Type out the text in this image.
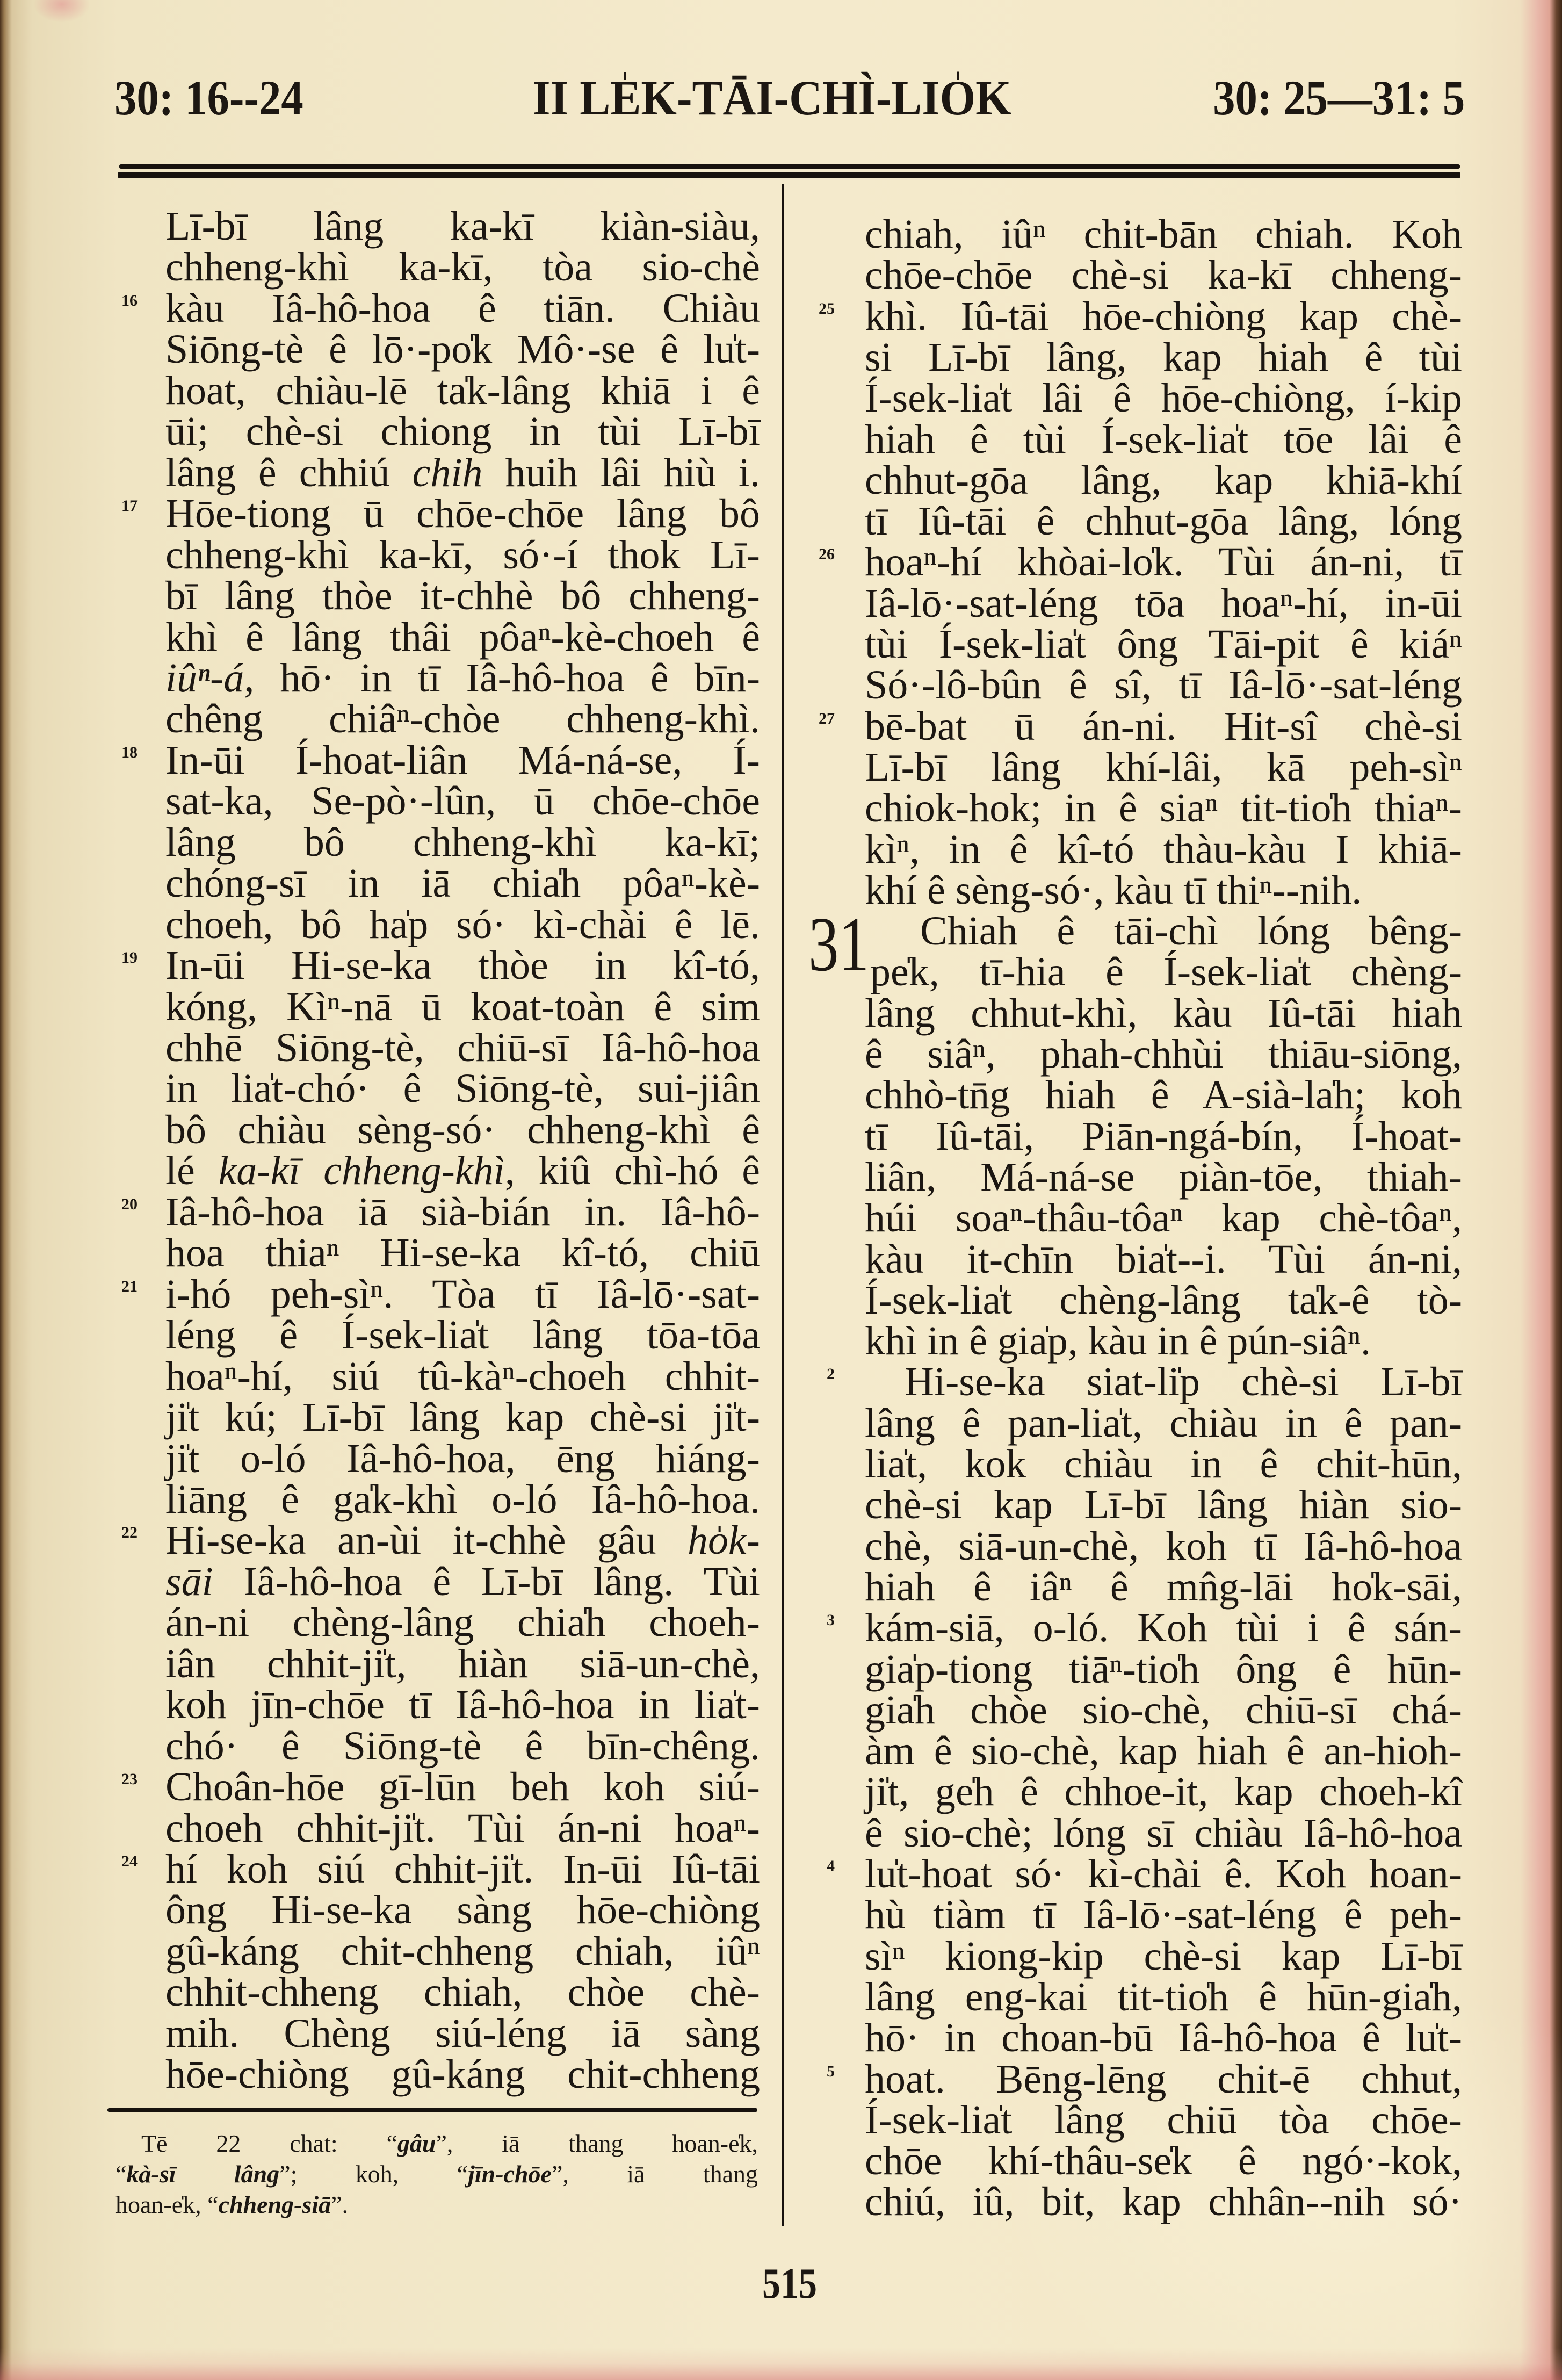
30: 16--24	II LE̍K-TĀI-CHÌ-LIO̍K	30: 25—31: 5
Lī-bī lâng ka-kī kiàn-siàu,
chheng-khì ka-kī, tòa sio-chè
16 kàu Iâ-hô-hoa ê tiān. Chiàu
Siōng-tè ê lō·-po̍k Mô·-se ê lu̍t-
hoat, chiàu-lē ta̍k-lâng khiā i ê
ūi; chè-si chiong in tùi Lī-bī
lâng ê chhiú chih huih lâi hiù i.
17 Hōe-tiong ū chōe-chōe lâng bô
chheng-khì ka-kī, só·-í thok Lī-
bī lâng thòe it-chhè bô chheng-
khì ê lâng thâi pôaⁿ-kè-choeh ê
iûⁿ-á, hō· in tī Iâ-hô-hoa ê bīn-
chêng chiâⁿ-chòe chheng-khì.
18 In-ūi Í-hoat-liân Má-ná-se, Í-
sat-ka, Se-pò·-lûn, ū chōe-chōe
lâng bô chheng-khì ka-kī;
chóng-sī in iā chia̍h pôaⁿ-kè-
choeh, bô ha̍p só· kì-chài ê lē.
19 In-ūi Hi-se-ka thòe in kî-tó,
kóng, Kìⁿ-nā ū koat-toàn ê sim
chhē Siōng-tè, chiū-sī Iâ-hô-hoa
in lia̍t-chó· ê Siōng-tè, sui-jiân
bô chiàu sèng-só· chheng-khì ê
lé ka-kī chheng-khì, kiû chì-hó ê
20 Iâ-hô-hoa iā sià-bián in. Iâ-hô-
hoa thiaⁿ Hi-se-ka kî-tó, chiū
21 i-hó peh-sìⁿ. Tòa tī Iâ-lō·-sat-
léng ê Í-sek-lia̍t lâng tōa-tōa
hoaⁿ-hí, siú tû-kàⁿ-choeh chhit-
ji̍t kú; Lī-bī lâng kap chè-si ji̍t-
ji̍t o-ló Iâ-hô-hoa, ēng hiáng-
liāng ê ga̍k-khì o-ló Iâ-hô-hoa.
22 Hi-se-ka an-ùi it-chhè gâu ho̍k-
sāi Iâ-hô-hoa ê Lī-bī lâng. Tùi
án-ni chèng-lâng chia̍h choeh-
iân chhit-ji̍t, hiàn siā-un-chè,
koh jīn-chōe tī Iâ-hô-hoa in lia̍t-
chó· ê Siōng-tè ê bīn-chêng.
23 Choân-hōe gī-lūn beh koh siú-
choeh chhit-ji̍t. Tùi án-ni hoaⁿ-
24 hí koh siú chhit-ji̍t. In-ūi Iû-tāi
ông Hi-se-ka sàng hōe-chiòng
gû-káng chit-chheng chiah, iûⁿ
chhit-chheng chiah, chòe chè-
mih. Chèng siú-léng iā sàng
hōe-chiòng gû-káng chit-chheng
chiah, iûⁿ chit-bān chiah. Koh
chōe-chōe chè-si ka-kī chheng-
25 khì. Iû-tāi hōe-chiòng kap chè-
si Lī-bī lâng, kap hiah ê tùi
Í-sek-lia̍t lâi ê hōe-chiòng, í-kip
hiah ê tùi Í-sek-lia̍t tōe lâi ê
chhut-gōa lâng, kap khiā-khí
tī Iû-tāi ê chhut-gōa lâng, lóng
26 hoaⁿ-hí khòai-lo̍k. Tùi án-ni, tī
Iâ-lō·-sat-léng tōa hoaⁿ-hí, in-ūi
tùi Í-sek-lia̍t ông Tāi-pit ê kiáⁿ
Só·-lô-bûn ê sî, tī Iâ-lō·-sat-léng
27 bē-bat ū án-ni. Hit-sî chè-si
Lī-bī lâng khí-lâi, kā peh-sìⁿ
chiok-hok; in ê siaⁿ tit-tio̍h thiaⁿ-
kìⁿ, in ê kî-tó thàu-kàu I khiā-
khí ê sèng-só·, kàu tī thiⁿ--nih.
Chiah ê tāi-chì lóng bêng-
pe̍k, tī-hia ê Í-sek-lia̍t chèng-
lâng chhut-khì, kàu Iû-tāi hiah
ê siâⁿ, phah-chhùi thiāu-siōng,
chhò-tn̄g hiah ê A-sià-la̍h; koh
tī Iû-tāi, Piān-ngá-bín, Í-hoat-
liân, Má-ná-se piàn-tōe, thiah-
húi soaⁿ-thâu-tôaⁿ kap chè-tôaⁿ,
kàu it-chīn bia̍t--i. Tùi án-ni,
Í-sek-lia̍t chèng-lâng ta̍k-ê tò-
khì in ê gia̍p, kàu in ê pún-siâⁿ.
2 Hi-se-ka siat-li̍p chè-si Lī-bī
lâng ê pan-lia̍t, chiàu in ê pan-
lia̍t, kok chiàu in ê chit-hūn,
chè-si kap Lī-bī lâng hiàn sio-
chè, siā-un-chè, koh tī Iâ-hô-hoa
hiah ê iâⁿ ê mn̂g-lāi ho̍k-sāi,
3 kám-siā, o-ló. Koh tùi i ê sán-
gia̍p-tiong tiāⁿ-tio̍h ông ê hūn-
gia̍h chòe sio-chè, chiū-sī chá-
àm ê sio-chè, kap hiah ê an-hioh-
ji̍t, ge̍h ê chhoe-it, kap choeh-kî
ê sio-chè; lóng sī chiàu Iâ-hô-hoa
4 lu̍t-hoat só· kì-chài ê. Koh hoan-
hù tiàm tī Iâ-lō·-sat-léng ê peh-
sìⁿ kiong-kip chè-si kap Lī-bī
lâng eng-kai tit-tio̍h ê hūn-gia̍h,
hō· in choan-bū Iâ-hô-hoa ê lu̍t-
5 hoat. Bēng-lēng chit-ē chhut,
Í-sek-lia̍t lâng chiū tòa chōe-
chōe khí-thâu-se̍k ê ngó·-kok,
chiú, iû, bit, kap chhân--nih só·
31
Tē 22 chat: “gâu”, iā thang hoan-e̍k,
“kà-sī lâng”; koh, “jīn-chōe”, iā thang
hoan-e̍k, “chheng-siā”.
515
